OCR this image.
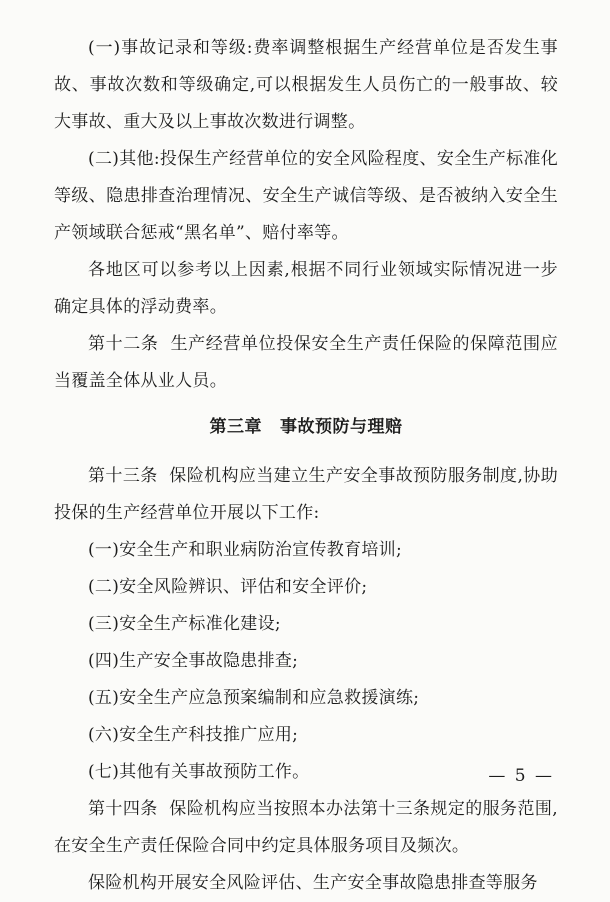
(一)事故记录和等级:费率调整根据生产经营单位是否发生事故、事故次数和等级确定,可以根据发生人员伤亡的一般事故、较大事故、重大及以上事故次数进行调整。

(二)其他:投保生产经营单位的安全风险程度、安全生产标准化等级、隐患排查治理情况、安全生产诚信等级、是否被纳入安全生产领域联合惩戒“黑名单”、赔付率等。

各地区可以参考以上因素,根据不同行业领域实际情况进一步确定具体的浮动费率。

第十二条 生产经营单位投保安全生产责任保险的保障范围应当覆盖全体从业人员。

第三章 事故预防与理赔

第十三条 保险机构应当建立生产安全事故预防服务制度,协助投保的生产经营单位开展以下工作:

(一)安全生产和职业病防治宣传教育培训;

(二)安全风险辨识、评估和安全评价;

(三)安全生产标准化建设;

(四)生产安全事故隐患排查;

(五)安全生产应急预案编制和应急救援演练;

(六)安全生产科技推广应用;

(七)其他有关事故预防工作。

第十四条 保险机构应当按照本办法第十三条规定的服务范围,在安全生产责任保险合同中约定具体服务项目及频次。

保险机构开展安全风险评估、生产安全事故隐患排查等服务

— 5 —
